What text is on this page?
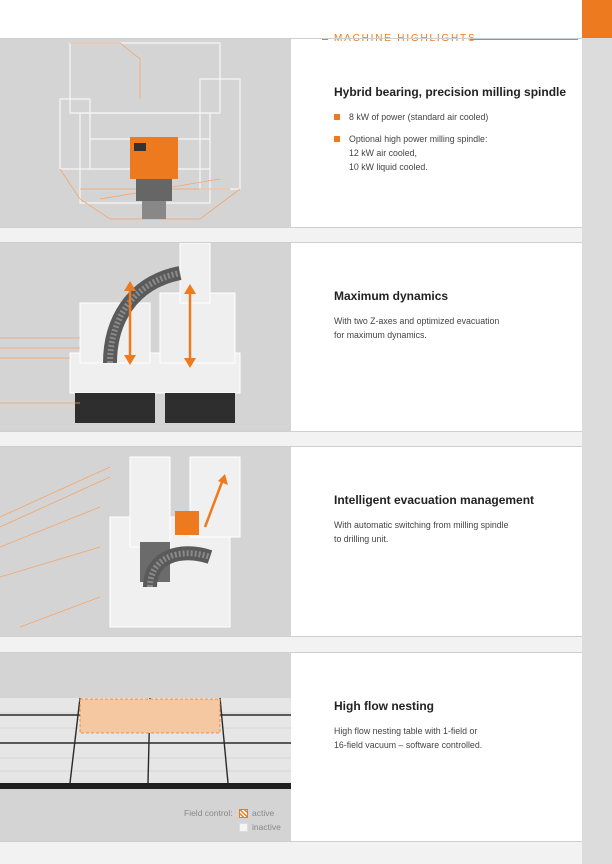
Hybrid bearing, precision milling spindle
8 kW of power (standard air cooled)
Optional high power milling spindle:
12 kW air cooled,
10 kW liquid cooled.
Maximum dynamics
With two Z-axes and optimized evacuation
for maximum dynamics.
Intelligent evacuation management
With automatic switching from milling spindle
to drilling unit.
High flow nesting
High flow nesting table with 1-field or
16-field vacuum – software controlled.
Field control: active
inactive
